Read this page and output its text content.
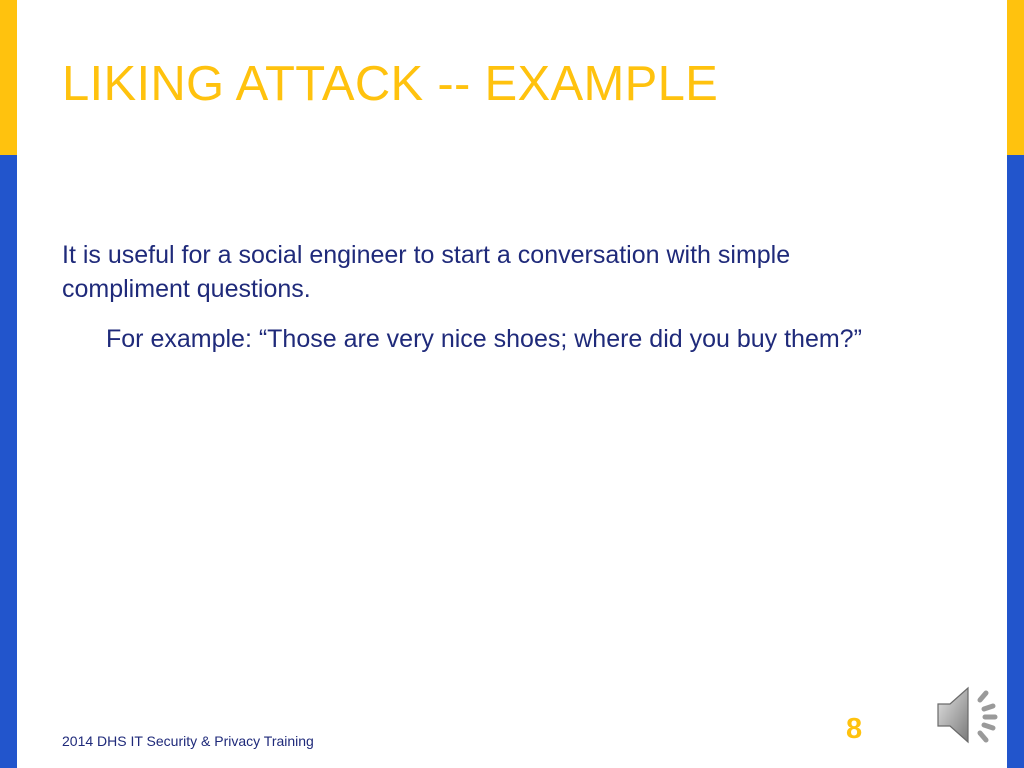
LIKING ATTACK -- EXAMPLE

It is useful for a social engineer to start a conversation with simple compliment questions.

For example: “Those are very nice shoes; where did you buy them?”

2014 DHS IT Security & Privacy Training	8
